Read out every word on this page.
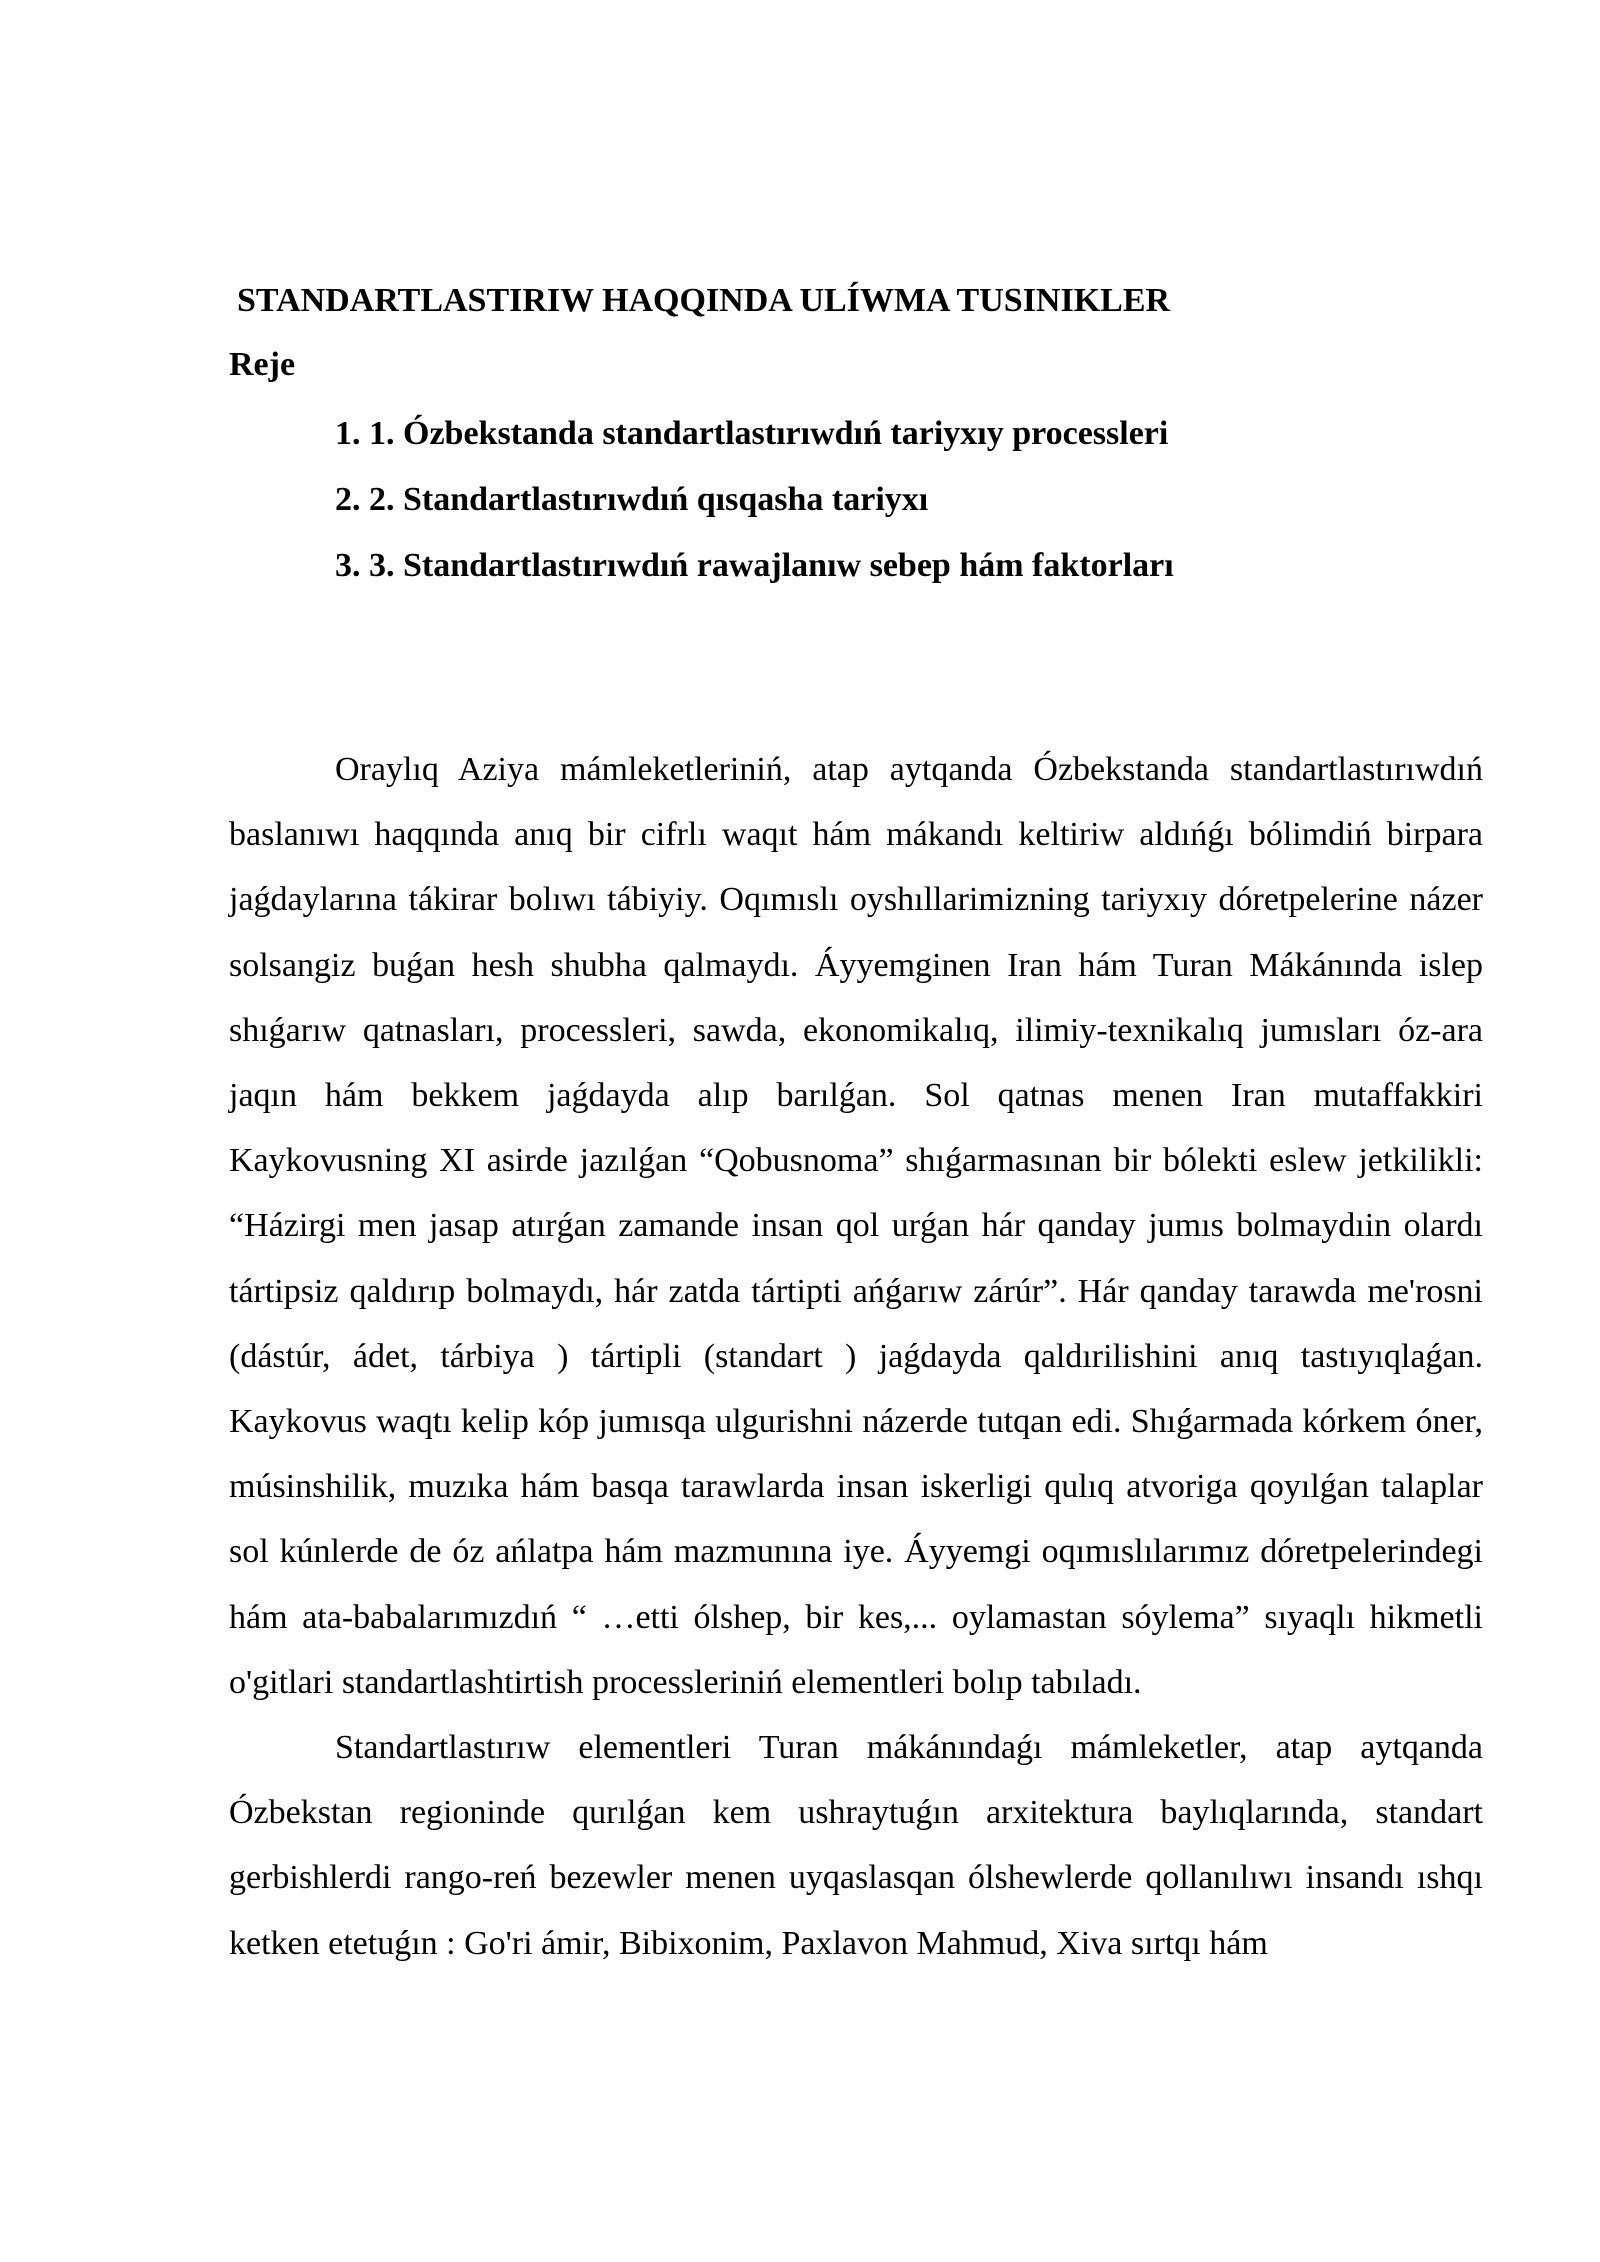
STANDARTLASTIRIW HAQQINDA ULÍWMA TUSINIKLER
Reje
1. 1. Ózbekstanda standartlastırıwdıń tariyxıy processleri
2. 2. Standartlastırıwdıń qısqasha tariyxı
3. 3. Standartlastırıwdıń rawajlanıw sebep hám faktorları

Oraylıq Aziya mámleketleriniń, atap aytqanda Ózbekstanda standartlastırıwdıń baslanıwı haqqında anıq bir cifrlı waqıt hám mákandı keltiriw aldıńǵı bólimdiń birpara jaǵdaylarına tákirar bolıwı tábiyiy. Oqımıslı oyshıllarimizning tariyxıy dóretpelerine názer solsangiz buǵan hesh shubha qalmaydı. Áyyemginen Iran hám Turan Mákánında islep shıǵarıw qatnasları, processleri, sawda, ekonomikalıq, ilimiy-texnikalıq jumısları óz-ara jaqın hám bekkem jaǵdayda alıp barılǵan. Sol qatnas menen Iran mutaffakkiri Kaykovusning XI asirde jazılǵan “Qobusnoma” shıǵarmasınan bir bólekti eslew jetkilikli: “Házirgi men jasap atırǵan zamande insan qol urǵan hár qanday jumıs bolmaydıin olardı tártipsiz qaldırıp bolmaydı, hár zatda tártipti ańǵarıw zárúr”. Hár qanday tarawda me'rosni (dástúr, ádet, tárbiya ) tártipli (standart ) jaǵdayda qaldırilishini anıq tastıyıqlaǵan. Kaykovus waqtı kelip kóp jumısqa ulgurishni názerde tutqan edi. Shıǵarmada kórkem óner, músinshilik, muzıka hám basqa tarawlarda insan iskerligi qulıq atvoriga qoyılǵan talaplar sol kúnlerde de óz ańlatpa hám mazmunına iye. Áyyemgi oqımıslılarımız dóretpelerindegi hám ata-babalarımızdıń “ …etti ólshep, bir kes,... oylamastan sóylema” sıyaqlı hikmetli o'gitlari standartlashtirtish processleriniń elementleri bolıp tabıladı.

Standartlastırıw elementleri Turan mákánındaǵı mámleketler, atap aytqanda Ózbekstan regioninde qurılǵan kem ushraytuǵın arxitektura baylıqlarında, standart gerbishlerdi rango-reń bezewler menen uyqaslasqan ólshewlerde qollanılıwı insandı ıshqı ketken etetuǵın : Go'ri ámir, Bibixonim, Paxlavon Mahmud, Xiva sırtqı hám
